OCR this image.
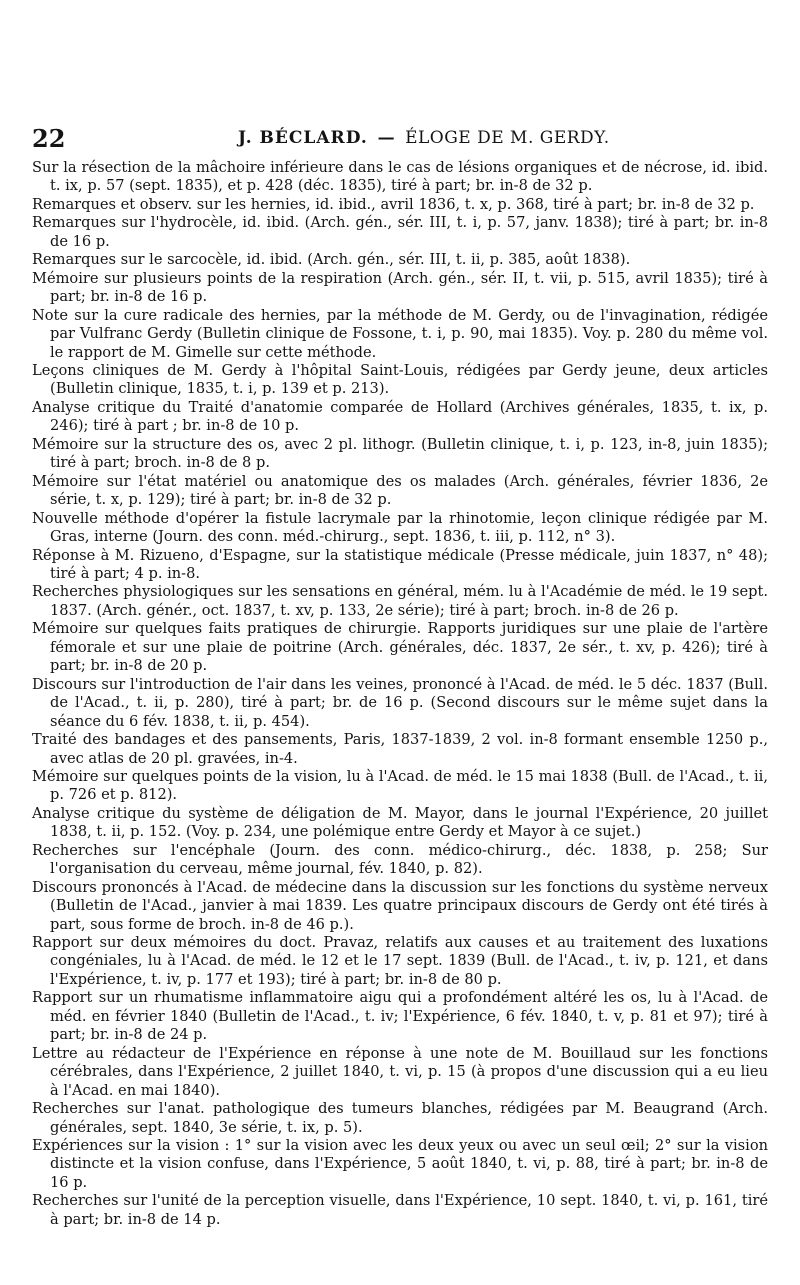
22	J. BÉCLARD. — ÉLOGE DE M. GERDY.

Sur la résection de la mâchoire inférieure dans le cas de lésions organiques et de nécrose, id. ibid. t. ix, p. 57 (sept. 1835), et p. 428 (déc. 1835), tiré à part; br. in-8 de 32 p.

Remarques et observ. sur les hernies, id. ibid., avril 1836, t. x, p. 368, tiré à part; br. in-8 de 32 p.

Remarques sur l'hydrocèle, id. ibid. (Arch. gén., sér. III, t. i, p. 57, janv. 1838); tiré à part; br. in-8 de 16 p.

Remarques sur le sarcocèle, id. ibid. (Arch. gén., sér. III, t. ii, p. 385, août 1838).

Mémoire sur plusieurs points de la respiration (Arch. gén., sér. II, t. vii, p. 515, avril 1835); tiré à part; br. in-8 de 16 p.

Note sur la cure radicale des hernies, par la méthode de M. Gerdy, ou de l'invagination, rédigée par Vulfranc Gerdy (Bulletin clinique de Fossone, t. i, p. 90, mai 1835). Voy. p. 280 du même vol. le rapport de M. Gimelle sur cette méthode.

Leçons cliniques de M. Gerdy à l'hôpital Saint-Louis, rédigées par Gerdy jeune, deux articles (Bulletin clinique, 1835, t. i, p. 139 et p. 213).

Analyse critique du Traité d'anatomie comparée de Hollard (Archives générales, 1835, t. ix, p. 246); tiré à part ; br. in-8 de 10 p.

Mémoire sur la structure des os, avec 2 pl. lithogr. (Bulletin clinique, t. i, p. 123, in-8, juin 1835); tiré à part; broch. in-8 de 8 p.

Mémoire sur l'état matériel ou anatomique des os malades (Arch. générales, février 1836, 2e série, t. x, p. 129); tiré à part; br. in-8 de 32 p.

Nouvelle méthode d'opérer la fistule lacrymale par la rhinotomie, leçon clinique rédigée par M. Gras, interne (Journ. des conn. méd.-chirurg., sept. 1836, t. iii, p. 112, n° 3).

Réponse à M. Rizueno, d'Espagne, sur la statistique médicale (Presse médicale, juin 1837, n° 48); tiré à part; 4 p. in-8.

Recherches physiologiques sur les sensations en général, mém. lu à l'Académie de méd. le 19 sept. 1837. (Arch. génér., oct. 1837, t. xv, p. 133, 2e série); tiré à part; broch. in-8 de 26 p.

Mémoire sur quelques faits pratiques de chirurgie. Rapports juridiques sur une plaie de l'artère fémorale et sur une plaie de poitrine (Arch. générales, déc. 1837, 2e sér., t. xv, p. 426); tiré à part; br. in-8 de 20 p.

Discours sur l'introduction de l'air dans les veines, prononcé à l'Acad. de méd. le 5 déc. 1837 (Bull. de l'Acad., t. ii, p. 280), tiré à part; br. de 16 p. (Second discours sur le même sujet dans la séance du 6 fév. 1838, t. ii, p. 454).

Traité des bandages et des pansements, Paris, 1837-1839, 2 vol. in-8 formant ensemble 1250 p., avec atlas de 20 pl. gravées, in-4.

Mémoire sur quelques points de la vision, lu à l'Acad. de méd. le 15 mai 1838 (Bull. de l'Acad., t. ii, p. 726 et p. 812).

Analyse critique du système de déligation de M. Mayor, dans le journal l'Expérience, 20 juillet 1838, t. ii, p. 152. (Voy. p. 234, une polémique entre Gerdy et Mayor à ce sujet.)

Recherches sur l'encéphale (Journ. des conn. médico-chirurg., déc. 1838, p. 258; Sur l'organisation du cerveau, même journal, fév. 1840, p. 82).

Discours prononcés à l'Acad. de médecine dans la discussion sur les fonctions du système nerveux (Bulletin de l'Acad., janvier à mai 1839. Les quatre principaux discours de Gerdy ont été tirés à part, sous forme de broch. in-8 de 46 p.).

Rapport sur deux mémoires du doct. Pravaz, relatifs aux causes et au traitement des luxations congéniales, lu à l'Acad. de méd. le 12 et le 17 sept. 1839 (Bull. de l'Acad., t. iv, p. 121, et dans l'Expérience, t. iv, p. 177 et 193); tiré à part; br. in-8 de 80 p.

Rapport sur un rhumatisme inflammatoire aigu qui a profondément altéré les os, lu à l'Acad. de méd. en février 1840 (Bulletin de l'Acad., t. iv; l'Expérience, 6 fév. 1840, t. v, p. 81 et 97); tiré à part; br. in-8 de 24 p.

Lettre au rédacteur de l'Expérience en réponse à une note de M. Bouillaud sur les fonctions cérébrales, dans l'Expérience, 2 juillet 1840, t. vi, p. 15 (à propos d'une discussion qui a eu lieu à l'Acad. en mai 1840).

Recherches sur l'anat. pathologique des tumeurs blanches, rédigées par M. Beaugrand (Arch. générales, sept. 1840, 3e série, t. ix, p. 5).

Expériences sur la vision : 1° sur la vision avec les deux yeux ou avec un seul œil; 2° sur la vision distincte et la vision confuse, dans l'Expérience, 5 août 1840, t. vi, p. 88, tiré à part; br. in-8 de 16 p.

Recherches sur l'unité de la perception visuelle, dans l'Expérience, 10 sept. 1840, t. vi, p. 161, tiré à part; br. in-8 de 14 p.
